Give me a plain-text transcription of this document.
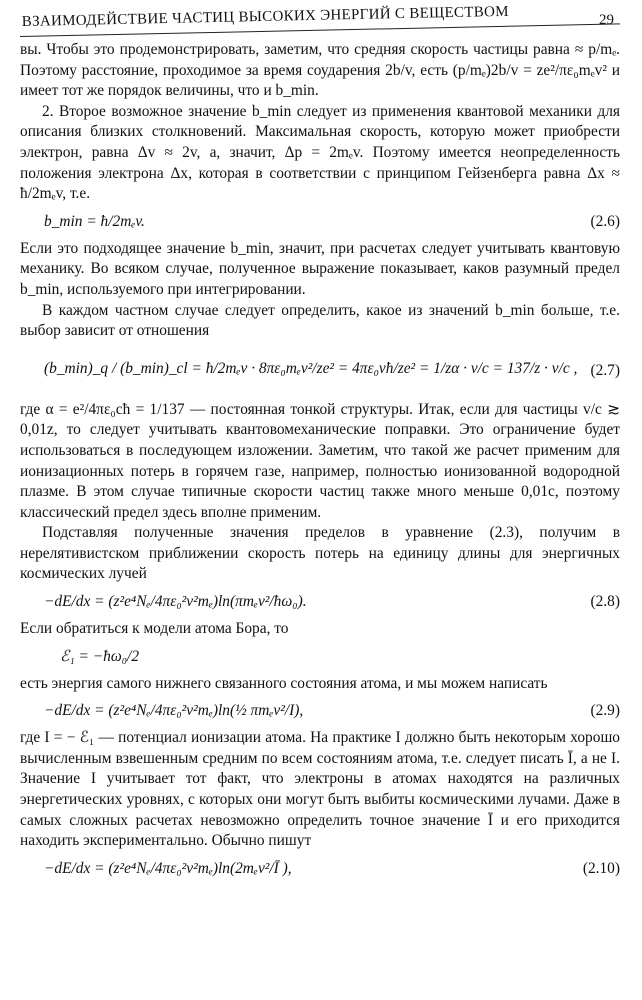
ВЗАИМОДЕЙСТВИЕ ЧАСТИЦ ВЫСОКИХ ЭНЕРГИЙ С ВЕЩЕСТВОМ	29

вы. Чтобы это продемонстрировать, заметим, что средняя скорость частицы равна ≈ p/mₑ. Поэтому расстояние, проходимое за время соударения 2b/v, есть (p/mₑ)2b/v = ze²/πε₀mₑv² и имеет тот же порядок величины, что и b_min.

2. Второе возможное значение b_min следует из применения квантовой механики для описания близких столкновений. Максимальная скорость, которую может приобрести электрон, равна Δv ≈ 2v, а, значит, Δp = 2mₑv. Поэтому имеется неопределенность положения электрона Δx, которая в соответствии с принципом Гейзенберга равна Δx ≈ ħ/2mₑv, т.е.

b_min = ħ/2mₑv.	(2.6)

Если это подходящее значение b_min, значит, при расчетах следует учитывать квантовую механику. Во всяком случае, полученное выражение показывает, каков разумный предел b_min, используемого при интегрировании.

В каждом частном случае следует определить, какое из значений b_min больше, т.е. выбор зависит от отношения

(b_min)_q / (b_min)_cl = ħ/2mₑv · 8πε₀mₑv²/ze² = 4πε₀vħ/ze² = 1/zα · v/c = 137/z · v/c , (2.7)

где α = e²/4πε₀cħ = 1/137 — постоянная тонкой структуры. Итак, если для частицы v/c ≳ 0,01z, то следует учитывать квантовомеханические поправки. Это ограничение будет использоваться в последующем изложении. Заметим, что такой же расчет применим для ионизационных потерь в горячем газе, например, полностью ионизованной водородной плазме. В этом случае типичные скорости частиц также много меньше 0,01c, поэтому классический предел здесь вполне применим.

Подставляя полученные значения пределов в уравнение (2.3), получим в нерелятивистском приближении скорость потерь на единицу длины для энергичных космических лучей

−dE/dx = (z²e⁴Nₑ/4πε₀²v²mₑ)ln(πmₑv²/ħω₀).	(2.8)

Если обратиться к модели атома Бора, то

ℰ₁ = −ħω₀/2

есть энергия самого нижнего связанного состояния атома, и мы можем написать

−dE/dx = (z²e⁴Nₑ/4πε₀²v²mₑ)ln(½ πmₑv²/I),	(2.9)

где I = − ℰ₁ — потенциал ионизации атома. На практике I должно быть некоторым хорошо вычисленным взвешенным средним по всем состояниям атома, т.е. следует писать Ī, а не I. Значение I учитывает тот факт, что электроны в атомах находятся на различных энергетических уровнях, с которых они могут быть выбиты космическими лучами. Даже в самых сложных расчетах невозможно определить точное значение Ī и его приходится находить экспериментально. Обычно пишут

−dE/dx = (z²e⁴Nₑ/4πε₀²v²mₑ)ln(2mₑv²/Ī ),	(2.10)
